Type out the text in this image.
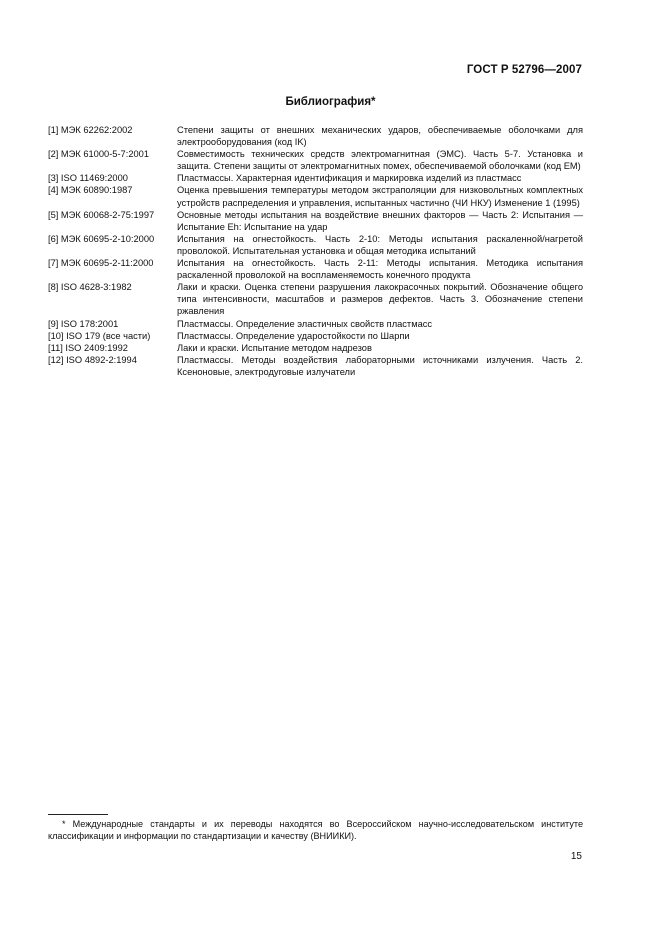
ГОСТ Р 52796—2007
Библиография*
[1] МЭК 62262:2002	Степени защиты от внешних механических ударов, обеспечиваемые оболочками для электрооборудования (код IK)
[2] МЭК 61000-5-7:2001	Совместимость технических средств электромагнитная (ЭМС). Часть 5-7. Установка и защита. Степени защиты от электромагнитных помех, обеспечиваемой оболочками (код ЕМ)
[3] ISO 11469:2000	Пластмассы. Характерная идентификация и маркировка изделий из пластмасс
[4] МЭК 60890:1987	Оценка превышения температуры методом экстраполяции для низковольтных комплектных устройств распределения и управления, испытанных частично (ЧИ НКУ) Изменение 1 (1995)
[5] МЭК 60068-2-75:1997	Основные методы испытания на воздействие внешних факторов — Часть 2: Испытания — Испытание Eh: Испытание на удар
[6] МЭК 60695-2-10:2000	Испытания на огнестойкость. Часть 2-10: Методы испытания раскаленной/нагретой проволокой. Испытательная установка и общая методика испытаний
[7] МЭК 60695-2-11:2000	Испытания на огнестойкость. Часть 2-11: Методы испытания. Методика испытания раскаленной проволокой на воспламеняемость конечного продукта
[8] ISO 4628-3:1982	Лаки и краски. Оценка степени разрушения лакокрасочных покрытий. Обозначение общего типа интенсивности, масштабов и размеров дефектов. Часть 3. Обозначение степени ржавления
[9] ISO 178:2001	Пластмассы. Определение эластичных свойств пластмасс
[10] ISO 179 (все части)	Пластмассы. Определение ударостойкости по Шарпи
[11] ISO 2409:1992	Лаки и краски. Испытание методом надрезов
[12] ISO 4892-2:1994	Пластмассы. Методы воздействия лабораторными источниками излучения. Часть 2. Ксеноновые, электродуговые излучатели
* Международные стандарты и их переводы находятся во Всероссийском научно-исследовательском институте классификации и информации по стандартизации и качеству (ВНИИКИ).
15
